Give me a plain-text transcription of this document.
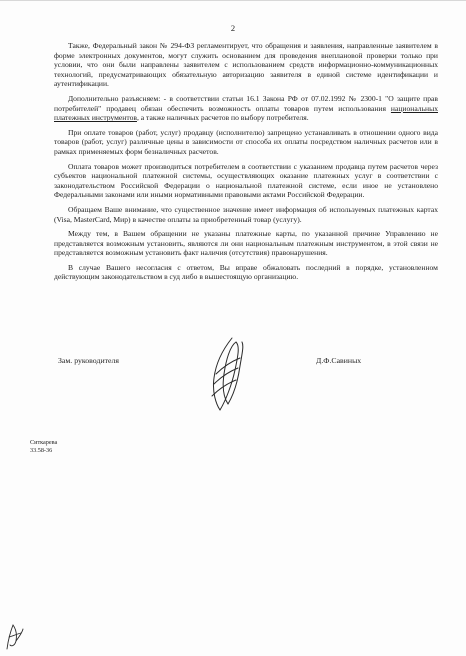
2

Также, Федеральный закон № 294-ФЗ регламентирует, что обращения и заявления, направленные заявителем в форме электронных документов, могут служить основанием для проведения внеплановой проверки только при условии, что они были направлены заявителем с использованием средств информационно-коммуникационных технологий, предусматривающих обязательную авторизацию заявителя в единой системе идентификации и аутентификации.

Дополнительно разъясняем: - в соответствии статьи 16.1 Закона РФ от 07.02.1992 № 2300-1 "О защите прав потребителей" продавец обязан обеспечить возможность оплаты товаров путем использования национальных платежных инструментов, а также наличных расчетов по выбору потребителя.

При оплате товаров (работ, услуг) продавцу (исполнителю) запрещено устанавливать в отношении одного вида товаров (работ, услуг) различные цены в зависимости от способа их оплаты посредством наличных расчетов или в рамках применяемых форм безналичных расчетов.

Оплата товаров может производиться потребителем в соответствии с указанием продавца путем расчетов через субъектов национальной платежной системы, осуществляющих оказание платежных услуг в соответствии с законодательством Российской Федерации о национальной платежной системе, если иное не установлено Федеральными законами или иными нормативными правовыми актами Российской Федерации.

Обращаем Ваше внимание, что существенное значение имеет информация об используемых платежных картах (Visa, MasterCard, Мир) в качестве оплаты за приобретенный товар (услугу).

Между тем, в Вашем обращении не указаны платежные карты, по указанной причине Управлению не представляется возможным установить, являются ли они национальным платежным инструментом, в этой связи не представляется возможным установить факт наличия (отсутствия) правонарушения.

В случае Вашего несогласия с ответом, Вы вправе обжаловать последний в порядке, установленном действующим законодательством в суд либо в вышестоящую организацию.

Зам. руководителя	Д.Ф.Савиных
Ситкарева
33.58-36
